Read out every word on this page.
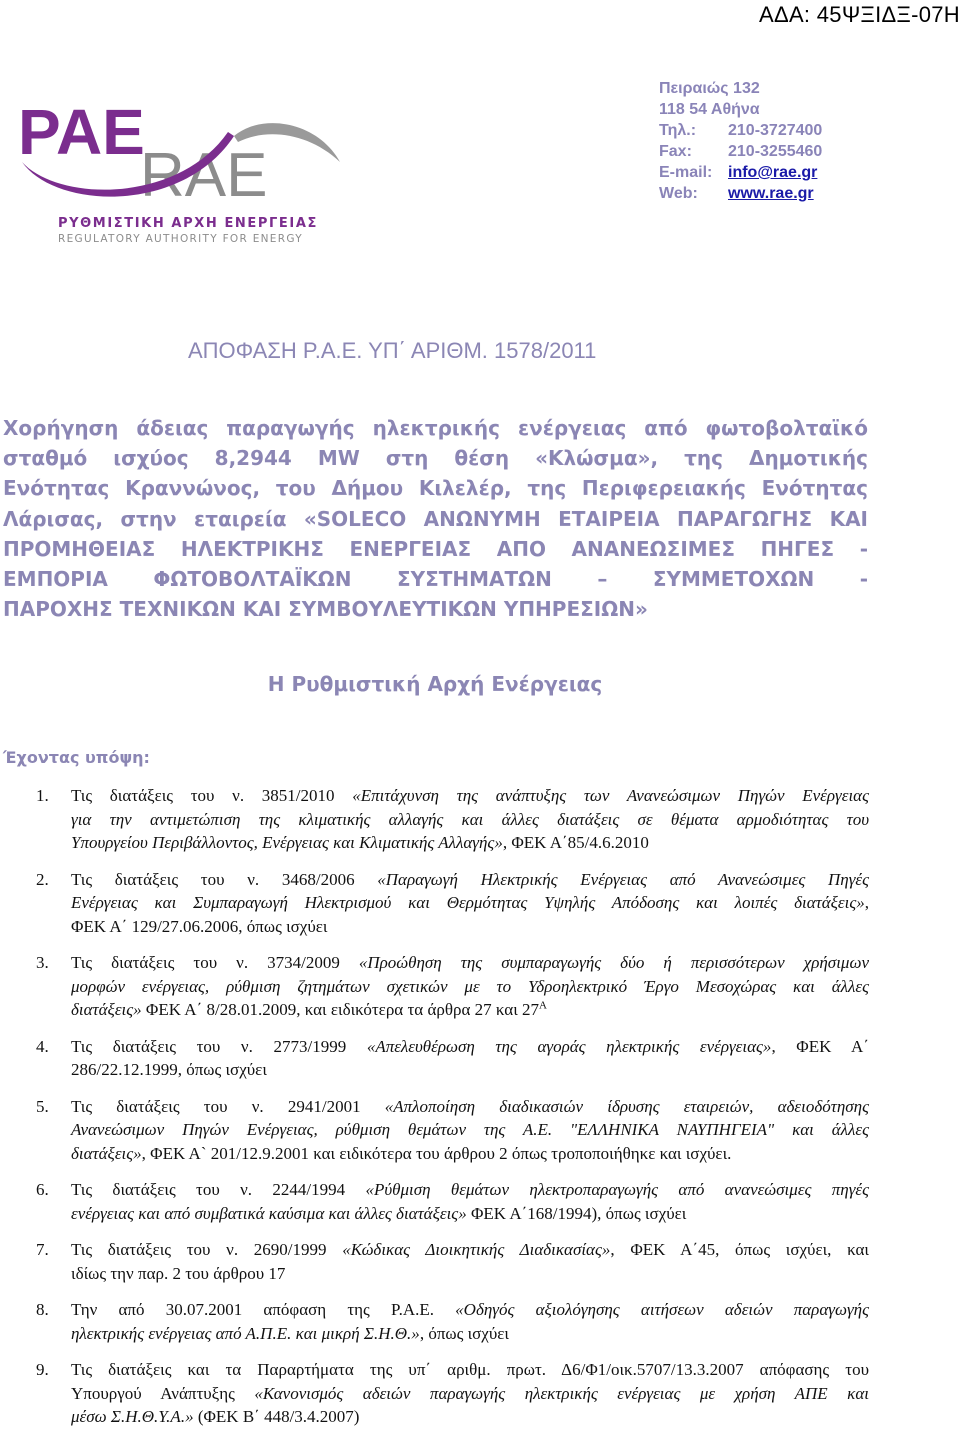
ΑΔΑ: 45ΨΞΙΔΞ-07Η
ΡΑΕ
RAE
ΡΥΘΜΙΣΤΙΚΗ ΑΡΧΗ ΕΝΕΡΓΕΙΑΣ
REGULATORY AUTHORITY FOR ENERGY
Πειραιώς 132
118 54 Αθήνα
Τηλ.: 210-3727400
Fax: 210-3255460
E-mail: info@rae.gr
Web: www.rae.gr
ΑΠΟΦΑΣΗ Ρ.Α.Ε. ΥΠ΄ ΑΡΙΘΜ. 1578/2011
Χορήγηση άδειας παραγωγής ηλεκτρικής ενέργειας από φωτοβολταϊκό
σταθμό ισχύος 8,2944 MW στη θέση «Κλώσμα», της Δημοτικής
Ενότητας Κραννώνος, του Δήμου Κιλελέρ, της Περιφερειακής Ενότητας
Λάρισας, στην εταιρεία «SOLECO ΑΝΩΝΥΜΗ ΕΤΑΙΡΕΙΑ ΠΑΡΑΓΩΓΗΣ ΚΑΙ
ΠΡΟΜΗΘΕΙΑΣ ΗΛΕΚΤΡΙΚΗΣ ΕΝΕΡΓΕΙΑΣ ΑΠΟ ΑΝΑΝΕΩΣΙΜΕΣ ΠΗΓΕΣ -
ΕΜΠΟΡΙΑ ΦΩΤΟΒΟΛΤΑΪΚΩΝ ΣΥΣΤΗΜΑΤΩΝ – ΣΥΜΜΕΤΟΧΩΝ -
ΠΑΡΟΧΗΣ ΤΕΧΝΙΚΩΝ ΚΑΙ ΣΥΜΒΟΥΛΕΥΤΙΚΩΝ ΥΠΗΡΕΣΙΩΝ»
Η Ρυθμιστική Αρχή Ενέργειας
Έχοντας υπόψη:
1. Τις διατάξεις του ν. 3851/2010 «Επιτάχυνση της ανάπτυξης των Ανανεώσιμων Πηγών Ενέργειας
για την αντιμετώπιση της κλιματικής αλλαγής και άλλες διατάξεις σε θέματα αρμοδιότητας του
Υπουργείου Περιβάλλοντος, Ενέργειας και Κλιματικής Αλλαγής», ΦΕΚ Α΄85/4.6.2010
2. Τις διατάξεις του ν. 3468/2006 «Παραγωγή Ηλεκτρικής Ενέργειας από Ανανεώσιμες Πηγές
Ενέργειας και Συμπαραγωγή Ηλεκτρισμού και Θερμότητας Υψηλής Απόδοσης και λοιπές διατάξεις»,
ΦΕΚ Α΄ 129/27.06.2006, όπως ισχύει
3. Τις διατάξεις του ν. 3734/2009 «Προώθηση της συμπαραγωγής δύο ή περισσότερων χρήσιμων
μορφών ενέργειας, ρύθμιση ζητημάτων σχετικών με το Υδροηλεκτρικό Έργο Μεσοχώρας και άλλες
διατάξεις» ΦΕΚ Α΄ 8/28.01.2009, και ειδικότερα τα άρθρα 27 και $27^A$
4. Τις διατάξεις του ν. 2773/1999 «Απελευθέρωση της αγοράς ηλεκτρικής ενέργειας», ΦΕΚ Α΄
286/22.12.1999, όπως ισχύει
5. Τις διατάξεις του ν. 2941/2001 «Απλοποίηση διαδικασιών ίδρυσης εταιρειών, αδειοδότησης
Ανανεώσιμων Πηγών Ενέργειας, ρύθμιση θεμάτων της Α.Ε. "ΕΛΛΗΝΙΚΑ ΝΑΥΠΗΓΕΙΑ" και άλλες
διατάξεις», ΦΕΚ Α` 201/12.9.2001 και ειδικότερα του άρθρου 2 όπως τροποποιήθηκε και ισχύει.
6. Τις διατάξεις του ν. 2244/1994 «Ρύθμιση θεμάτων ηλεκτροπαραγωγής από ανανεώσιμες πηγές
ενέργειας και από συμβατικά καύσιμα και άλλες διατάξεις» ΦΕΚ Α΄168/1994), όπως ισχύει
7. Τις διατάξεις του ν. 2690/1999 «Κώδικας Διοικητικής Διαδικασίας», ΦΕΚ Α΄45, όπως ισχύει, και
ιδίως την παρ. 2 του άρθρου 17
8. Την από 30.07.2001 απόφαση της Ρ.Α.Ε. «Οδηγός αξιολόγησης αιτήσεων αδειών παραγωγής
ηλεκτρικής ενέργειας από Α.Π.Ε. και μικρή Σ.Η.Θ.», όπως ισχύει
9. Τις διατάξεις και τα Παραρτήματα της υπ΄ αριθμ. πρωτ. Δ6/Φ1/οικ.5707/13.3.2007 απόφασης του
Υπουργού Ανάπτυξης «Κανονισμός αδειών παραγωγής ηλεκτρικής ενέργειας με χρήση ΑΠΕ και
μέσω Σ.Η.Θ.Υ.Α.» (ΦΕΚ Β΄ 448/3.4.2007)
